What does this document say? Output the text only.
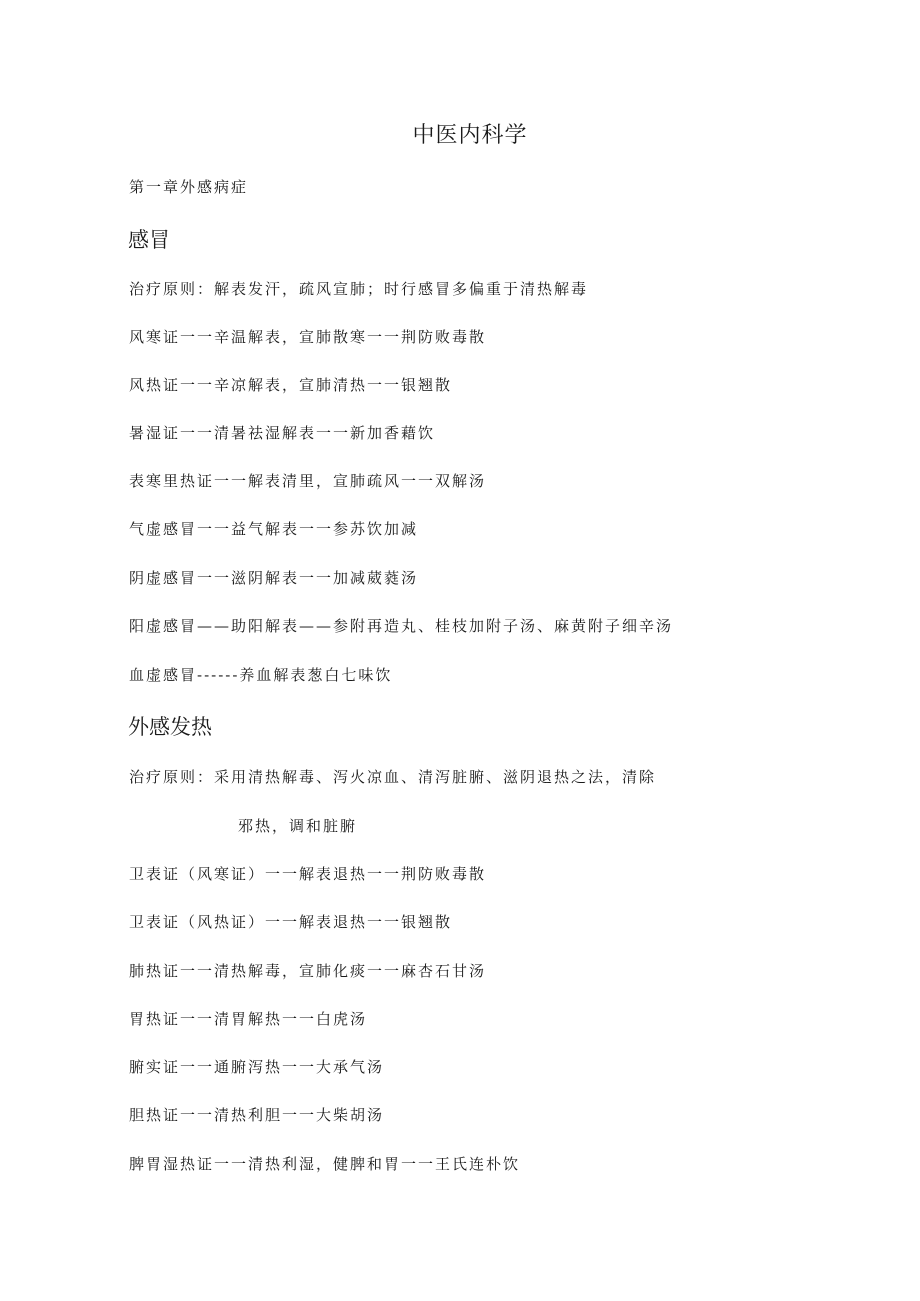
中医内科学
第一章外感病症
感冒
治疗原则：解表发汗，疏风宣肺；时行感冒多偏重于清热解毒
风寒证一一辛温解表，宣肺散寒一一荆防败毒散
风热证一一辛凉解表，宣肺清热一一银翘散
暑湿证一一清暑祛湿解表一一新加香藉饮
表寒里热证一一解表清里，宣肺疏风一一双解汤
气虚感冒一一益气解表一一参苏饮加减
阴虚感冒一一滋阴解表一一加减葳蕤汤
阳虚感冒——助阳解表——参附再造丸、桂枝加附子汤、麻黄附子细辛汤
血虚感冒------养血解表葱白七味饮
外感发热
治疗原则：采用清热解毒、泻火凉血、清泻脏腑、滋阴退热之法，清除
邪热，调和脏腑
卫表证（风寒证）一一解表退热一一荆防败毒散
卫表证（风热证）一一解表退热一一银翘散
肺热证一一清热解毒，宣肺化痰一一麻杏石甘汤
胃热证一一清胃解热一一白虎汤
腑实证一一通腑泻热一一大承气汤
胆热证一一清热利胆一一大柴胡汤
脾胃湿热证一一清热利湿，健脾和胃一一王氏连朴饮
